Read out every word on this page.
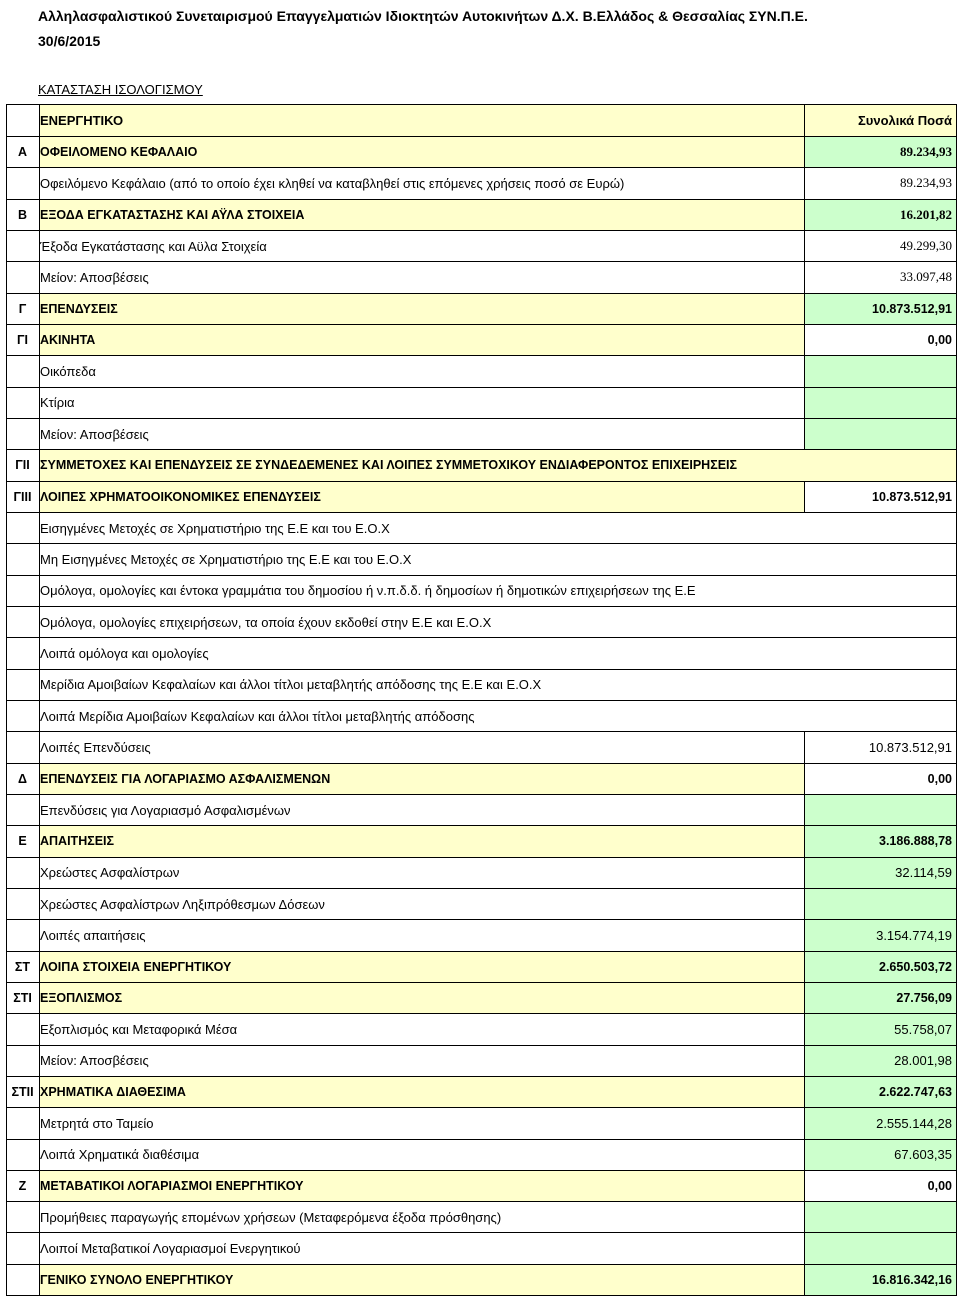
Αλληλασφαλιστικού Συνεταιρισμού Επαγγελματιών Ιδιοκτητών Αυτοκινήτων Δ.Χ. Β.Ελλάδος & Θεσσαλίας ΣΥΝ.Π.Ε.
30/6/2015
ΚΑΤΑΣΤΑΣΗ ΙΣΟΛΟΓΙΣΜΟΥ
ΕΝΕΡΓΗΤΙΚΟ	Συνολικά Ποσά
Α	ΟΦΕΙΛΟΜΕΝΟ ΚΕΦΑΛΑΙΟ	89.234,93
Οφειλόμενο Κεφάλαιο (από το οποίο έχει κληθεί να καταβληθεί στις επόμενες χρήσεις ποσό σε Ευρώ)	89.234,93
Β	ΕΞΟΔΑ ΕΓΚΑΤΑΣΤΑΣΗΣ ΚΑΙ ΑΫΛΑ ΣΤΟΙΧΕΙΑ	16.201,82
Έξοδα Εγκατάστασης και Αϋλα Στοιχεία	49.299,30
Μείον: Αποσβέσεις	33.097,48
Γ	ΕΠΕΝΔΥΣΕΙΣ	10.873.512,91
ΓΙ ΑΚΙΝΗΤΑ	0,00
Οικόπεδα
Κτίρια
Μείον: Αποσβέσεις
ΓΙΙ ΣΥΜΜΕΤΟΧΕΣ ΚΑΙ ΕΠΕΝΔΥΣΕΙΣ ΣΕ ΣΥΝΔΕΔΕΜΕΝΕΣ ΚΑΙ ΛΟΙΠΕΣ ΣΥΜΜΕΤΟΧΙΚΟΥ ΕΝΔΙΑΦΕΡΟΝΤΟΣ ΕΠΙΧΕΙΡΗΣΕΙΣ
ΓΙΙΙ ΛΟΙΠΕΣ ΧΡΗΜΑΤΟΟΙΚΟΝΟΜΙΚΕΣ ΕΠΕΝΔΥΣΕΙΣ	10.873.512,91
Εισηγμένες Μετοχές σε Χρηματιστήριο της Ε.Ε και του Ε.Ο.Χ
Μη Εισηγμένες Μετοχές σε Χρηματιστήριο της Ε.Ε και του Ε.Ο.Χ
Ομόλογα, ομολογίες και έντοκα γραμμάτια του δημοσίου ή ν.π.δ.δ. ή δημοσίων ή δημοτικών επιχειρήσεων της Ε.Ε
Ομόλογα, ομολογίες επιχειρήσεων, τα οποία έχουν εκδοθεί στην Ε.Ε και Ε.Ο.Χ
Λοιπά ομόλογα και ομολογίες
Μερίδια Αμοιβαίων Κεφαλαίων και άλλοι τίτλοι μεταβλητής απόδοσης της Ε.Ε και Ε.Ο.Χ
Λοιπά Μερίδια Αμοιβαίων Κεφαλαίων και άλλοι τίτλοι μεταβλητής απόδοσης
Λοιπές Επενδύσεις	10.873.512,91
Δ	ΕΠΕΝΔΥΣΕΙΣ ΓΙΑ ΛΟΓΑΡΙΑΣΜΟ ΑΣΦΑΛΙΣΜΕΝΩΝ	0,00
Επενδύσεις για Λογαριασμό Ασφαλισμένων
Ε	ΑΠΑΙΤΗΣΕΙΣ	3.186.888,78
Χρεώστες Ασφαλίστρων	32.114,59
Χρεώστες Ασφαλίστρων Ληξιπρόθεσμων Δόσεων
Λοιπές απαιτήσεις	3.154.774,19
ΣΤ ΛΟΙΠΑ ΣΤΟΙΧΕΙΑ ΕΝΕΡΓΗΤΙΚΟΥ	2.650.503,72
ΣΤΙ ΕΞΟΠΛΙΣΜΟΣ	27.756,09
Εξοπλισμός και Μεταφορικά Μέσα	55.758,07
Μείον: Αποσβέσεις	28.001,98
ΣΤΙΙ ΧΡΗΜΑΤΙΚΑ ΔΙΑΘΕΣΙΜΑ	2.622.747,63
Μετρητά στο Ταμείο	2.555.144,28
Λοιπά Χρηματικά διαθέσιμα	67.603,35
Ζ	ΜΕΤΑΒΑΤΙΚΟΙ ΛΟΓΑΡΙΑΣΜΟΙ ΕΝΕΡΓΗΤΙΚΟΥ	0,00
Προμήθειες παραγωγής επομένων χρήσεων (Μεταφερόμενα έξοδα πρόσθησης)
Λοιποί Μεταβατικοί Λογαριασμοί Ενεργητικού
ΓΕΝΙΚΟ ΣΥΝΟΛΟ ΕΝΕΡΓΗΤΙΚΟΥ	16.816.342,16
